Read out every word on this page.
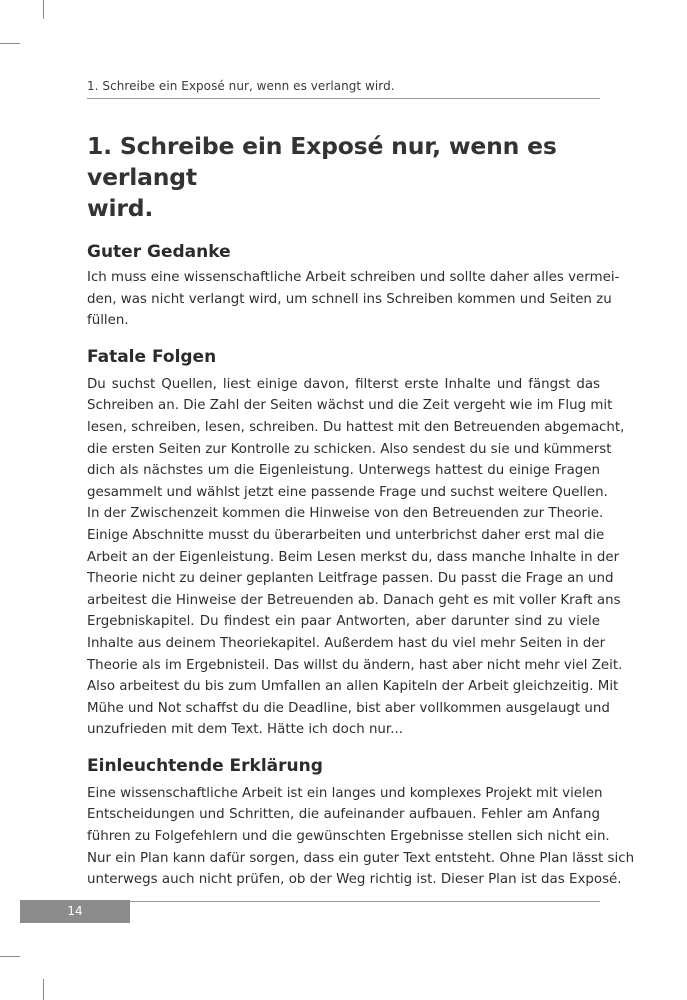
1. Schreibe ein Exposé nur, wenn es verlangt wird.
1. Schreibe ein Exposé nur, wenn es verlangt
wird.
Guter Gedanke

Ich muss eine wissenschaftliche Arbeit schreiben und sollte daher alles vermei-
den, was nicht verlangt wird, um schnell ins Schreiben kommen und Seiten zu
füllen.

Fatale Folgen

Du suchst Quellen, liest einige davon, filterst erste Inhalte und fängst das
Schreiben an. Die Zahl der Seiten wächst und die Zeit vergeht wie im Flug mit
lesen, schreiben, lesen, schreiben. Du hattest mit den Betreuenden abgemacht,
die ersten Seiten zur Kontrolle zu schicken. Also sendest du sie und kümmerst
dich als nächstes um die Eigenleistung. Unterwegs hattest du einige Fragen
gesammelt und wählst jetzt eine passende Frage und suchst weitere Quellen.
In der Zwischenzeit kommen die Hinweise von den Betreuenden zur Theorie.
Einige Abschnitte musst du überarbeiten und unterbrichst daher erst mal die
Arbeit an der Eigenleistung. Beim Lesen merkst du, dass manche Inhalte in der
Theorie nicht zu deiner geplanten Leitfrage passen. Du passt die Frage an und
arbeitest die Hinweise der Betreuenden ab. Danach geht es mit voller Kraft ans
Ergebniskapitel. Du findest ein paar Antworten, aber darunter sind zu viele
Inhalte aus deinem Theoriekapitel. Außerdem hast du viel mehr Seiten in der
Theorie als im Ergebnisteil. Das willst du ändern, hast aber nicht mehr viel Zeit.
Also arbeitest du bis zum Umfallen an allen Kapiteln der Arbeit gleichzeitig. Mit
Mühe und Not schaffst du die Deadline, bist aber vollkommen ausgelaugt und
unzufrieden mit dem Text. Hätte ich doch nur...

Einleuchtende Erklärung

Eine wissenschaftliche Arbeit ist ein langes und komplexes Projekt mit vielen
Entscheidungen und Schritten, die aufeinander aufbauen. Fehler am Anfang
führen zu Folgefehlern und die gewünschten Ergebnisse stellen sich nicht ein.
Nur ein Plan kann dafür sorgen, dass ein guter Text entsteht. Ohne Plan lässt sich
unterwegs auch nicht prüfen, ob der Weg richtig ist. Dieser Plan ist das Exposé.

14
